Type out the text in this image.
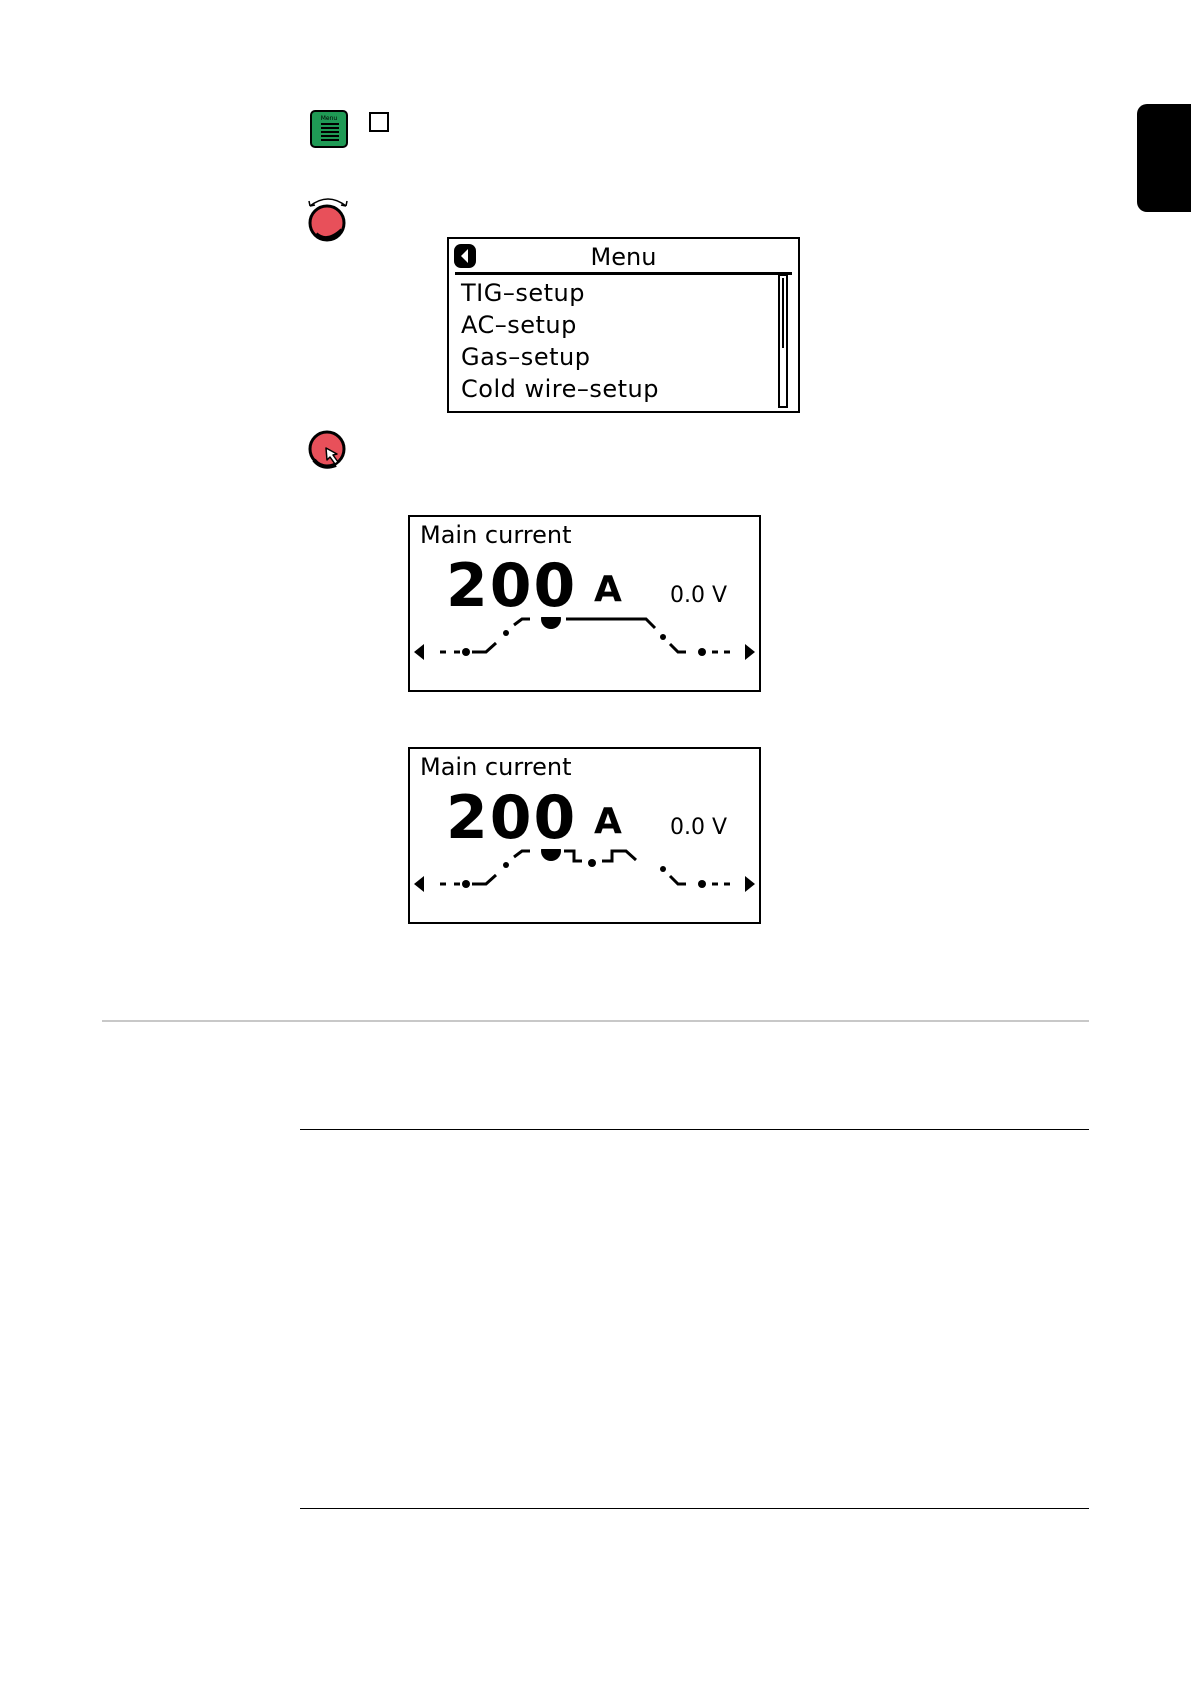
Menu
Menu
TIG–setup
AC–setup
Gas–setup
Cold wire–setup
Main current
200 A 0.0 V
Main current
200 A 0.0 V
